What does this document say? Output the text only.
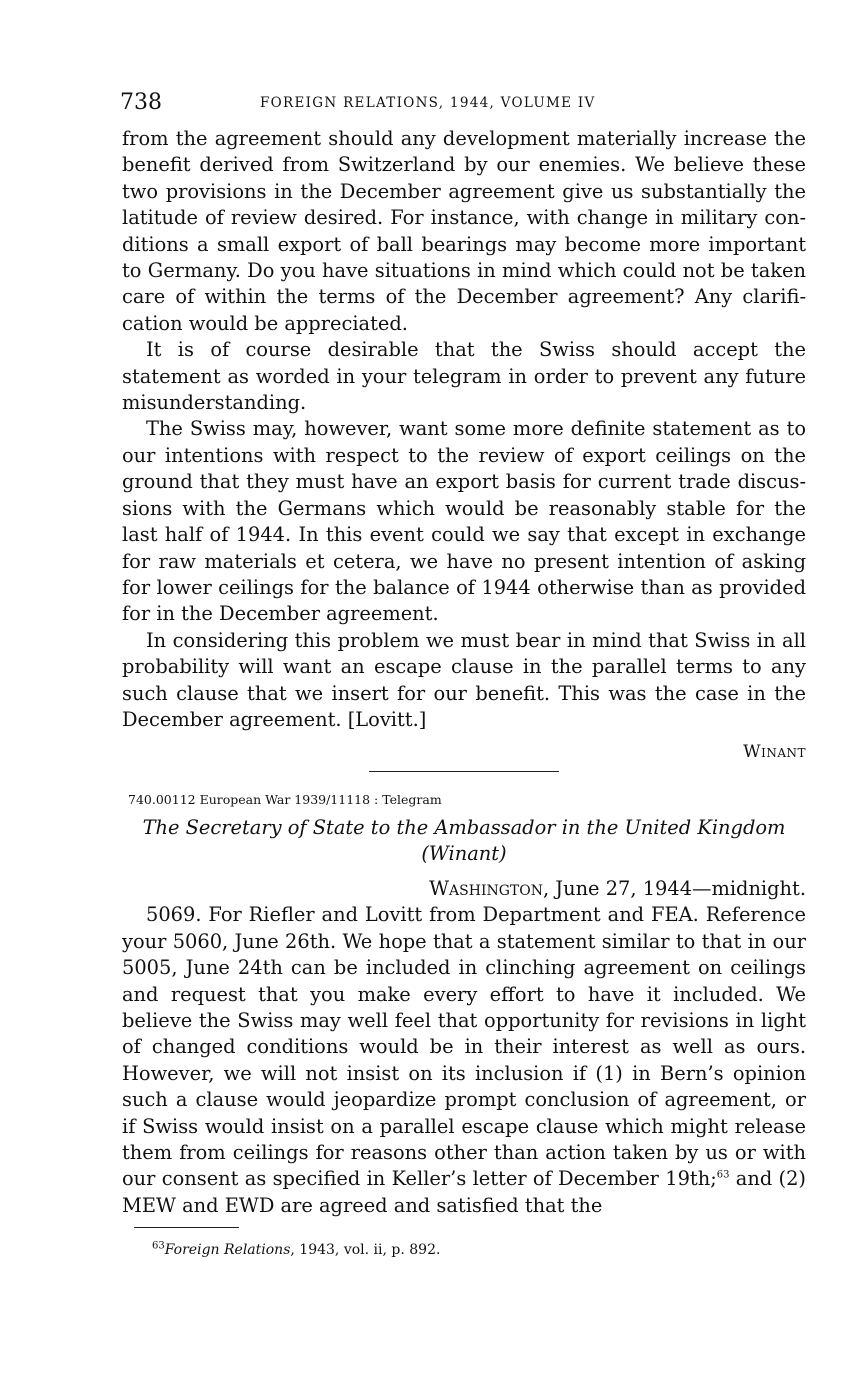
738	FOREIGN RELATIONS, 1944, VOLUME IV

from the agreement should any development materially increase the benefit derived from Switzerland by our enemies. We believe these two provisions in the December agreement give us substantially the latitude of review desired. For instance, with change in military conditions a small export of ball bearings may become more important to Germany. Do you have situations in mind which could not be taken care of within the terms of the December agreement? Any clarification would be appreciated.

It is of course desirable that the Swiss should accept the statement as worded in your telegram in order to prevent any future misunderstanding.

The Swiss may, however, want some more definite statement as to our intentions with respect to the review of export ceilings on the ground that they must have an export basis for current trade discussions with the Germans which would be reasonably stable for the last half of 1944. In this event could we say that except in exchange for raw materials et cetera, we have no present intention of asking for lower ceilings for the balance of 1944 otherwise than as provided for in the December agreement.

In considering this problem we must bear in mind that Swiss in all probability will want an escape clause in the parallel terms to any such clause that we insert for our benefit. This was the case in the December agreement. [Lovitt.]

Winant
740.00112 European War 1939/11118 : Telegram

The Secretary of State to the Ambassador in the United Kingdom

(Winant)

Washington, June 27, 1944—midnight.

5069. For Riefler and Lovitt from Department and FEA. Reference your 5060, June 26th. We hope that a statement similar to that in our 5005, June 24th can be included in clinching agreement on ceilings and request that you make every effort to have it included. We believe the Swiss may well feel that opportunity for revisions in light of changed conditions would be in their interest as well as ours. However, we will not insist on its inclusion if (1) in Bern’s opinion such a clause would jeopardize prompt conclusion of agreement, or if Swiss would insist on a parallel escape clause which might release them from ceilings for reasons other than action taken by us or with our consent as specified in Keller’s letter of December 19th;$^{63}$ and (2) MEW and EWD are agreed and satisfied that the

$^{63}$Foreign Relations, 1943, vol. ii, p. 892.
